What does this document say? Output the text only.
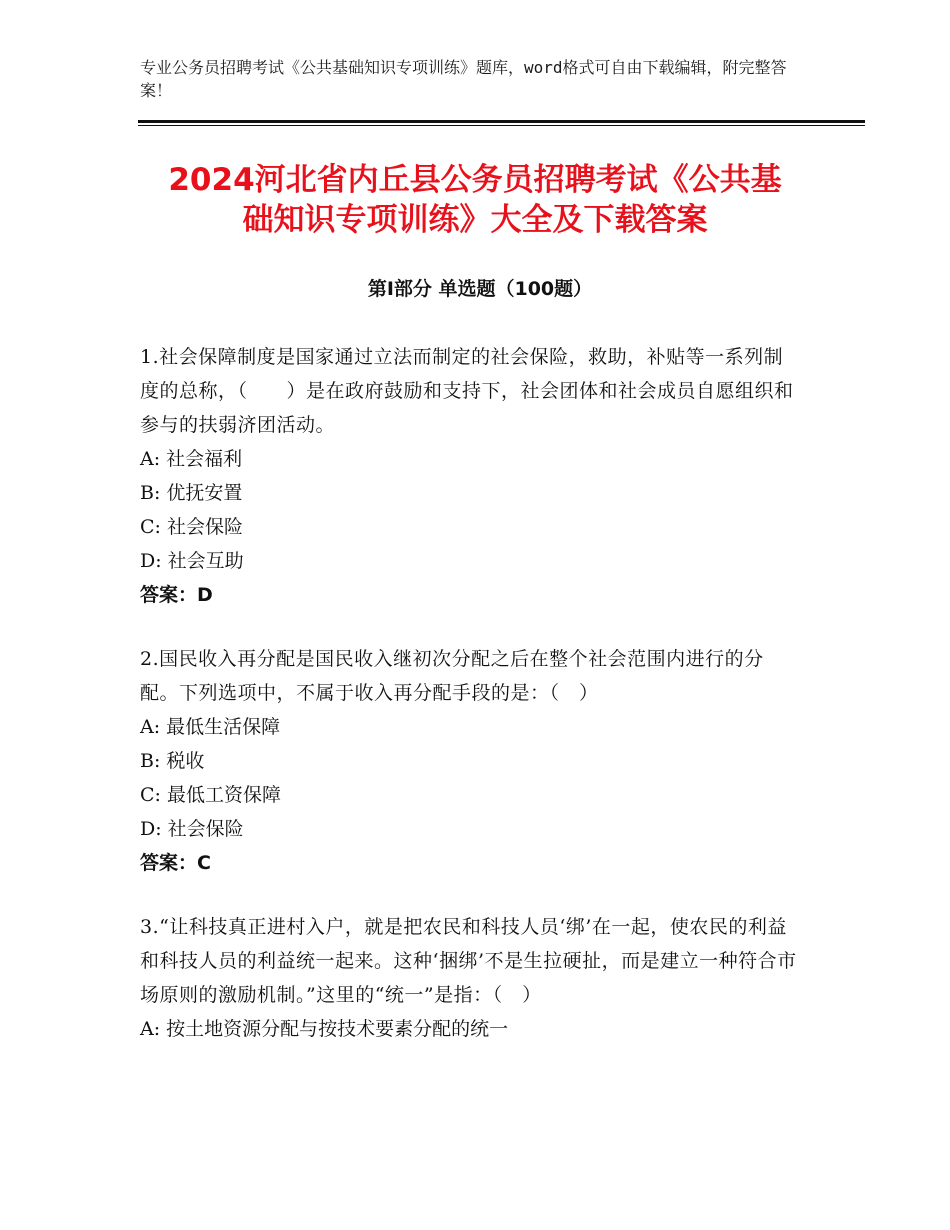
专业公务员招聘考试《公共基础知识专项训练》题库，word格式可自由下载编辑，附完整答案！
2024河北省内丘县公务员招聘考试《公共基
础知识专项训练》大全及下载答案
第Ⅰ部分 单选题（100题）

1.社会保障制度是国家通过立法而制定的社会保险，救助，补贴等一系列制度的总称，（　　）是在政府鼓励和支持下，社会团体和社会成员自愿组织和参与的扶弱济团活动。

A: 社会福利

B: 优抚安置

C: 社会保险

D: 社会互助

答案：D

2.国民收入再分配是国民收入继初次分配之后在整个社会范围内进行的分配。下列选项中，不属于收入再分配手段的是：（　）

A: 最低生活保障

B: 税收

C: 最低工资保障

D: 社会保险

答案：C

3.“让科技真正进村入户，就是把农民和科技人员‘绑’在一起，使农民的利益和科技人员的利益统一起来。这种‘捆绑’不是生拉硬扯，而是建立一种符合市场原则的激励机制。”这里的“统一”是指：（　）

A: 按土地资源分配与按技术要素分配的统一
